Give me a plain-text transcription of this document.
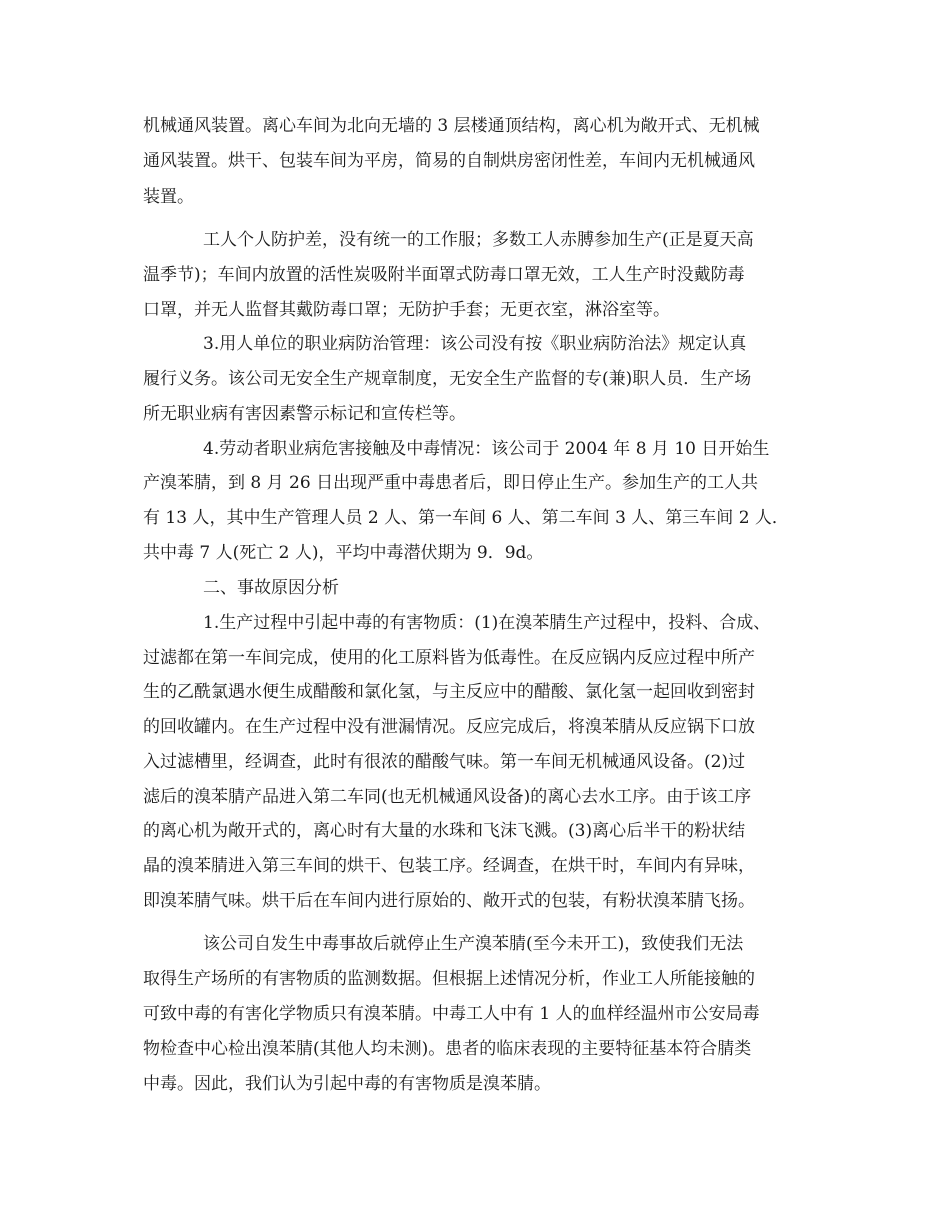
机械通风装置。离心车间为北向无墙的 3 层楼通顶结构，离心机为敞开式、无机械
通风装置。烘干、包装车间为平房，简易的自制烘房密闭性差，车间内无机械通风
装置。
工人个人防护差，没有统一的工作服；多数工人赤膊参加生产(正是夏天高
温季节)；车间内放置的活性炭吸附半面罩式防毒口罩无效，工人生产时没戴防毒
口罩，并无人监督其戴防毒口罩；无防护手套；无更衣室，淋浴室等。
3.用人单位的职业病防治管理：该公司没有按《职业病防治法》规定认真
履行义务。该公司无安全生产规章制度，无安全生产监督的专(兼)职人员．生产场
所无职业病有害因素警示标记和宣传栏等。
4.劳动者职业病危害接触及中毒情况：该公司于 2004 年 8 月 10 日开始生
产溴苯腈，到 8 月 26 日出现严重中毒患者后，即日停止生产。参加生产的工人共
有 13 人，其中生产管理人员 2 人、第一车间 6 人、第二车间 3 人、第三车间 2 人．
共中毒 7 人(死亡 2 人)，平均中毒潜伏期为 9．9d。
二、事故原因分析
1.生产过程中引起中毒的有害物质：(1)在溴苯腈生产过程中，投料、合成、
过滤都在第一车间完成，使用的化工原料皆为低毒性。在反应锅内反应过程中所产
生的乙酰氯遇水便生成醋酸和氯化氢，与主反应中的醋酸、氯化氢一起回收到密封
的回收罐内。在生产过程中没有泄漏情况。反应完成后，将溴苯腈从反应锅下口放
入过滤槽里，经调查，此时有很浓的醋酸气味。第一车间无机械通风设备。(2)过
滤后的溴苯腈产品进入第二车同(也无机械通风设备)的离心去水工序。由于该工序
的离心机为敞开式的，离心时有大量的水珠和飞沫飞溅。(3)离心后半干的粉状结
晶的溴苯腈进入第三车间的烘干、包装工序。经调查，在烘干时，车间内有异味，
即溴苯腈气味。烘干后在车间内进行原始的、敞开式的包装，有粉状溴苯腈飞扬。
该公司自发生中毒事故后就停止生产溴苯腈(至今未开工)，致使我们无法
取得生产场所的有害物质的监测数据。但根据上述情况分析，作业工人所能接触的
可致中毒的有害化学物质只有溴苯腈。中毒工人中有 1 人的血样经温州市公安局毒
物检查中心检出溴苯腈(其他人均未测)。患者的临床表现的主要特征基本符合腈类
中毒。因此，我们认为引起中毒的有害物质是溴苯腈。
